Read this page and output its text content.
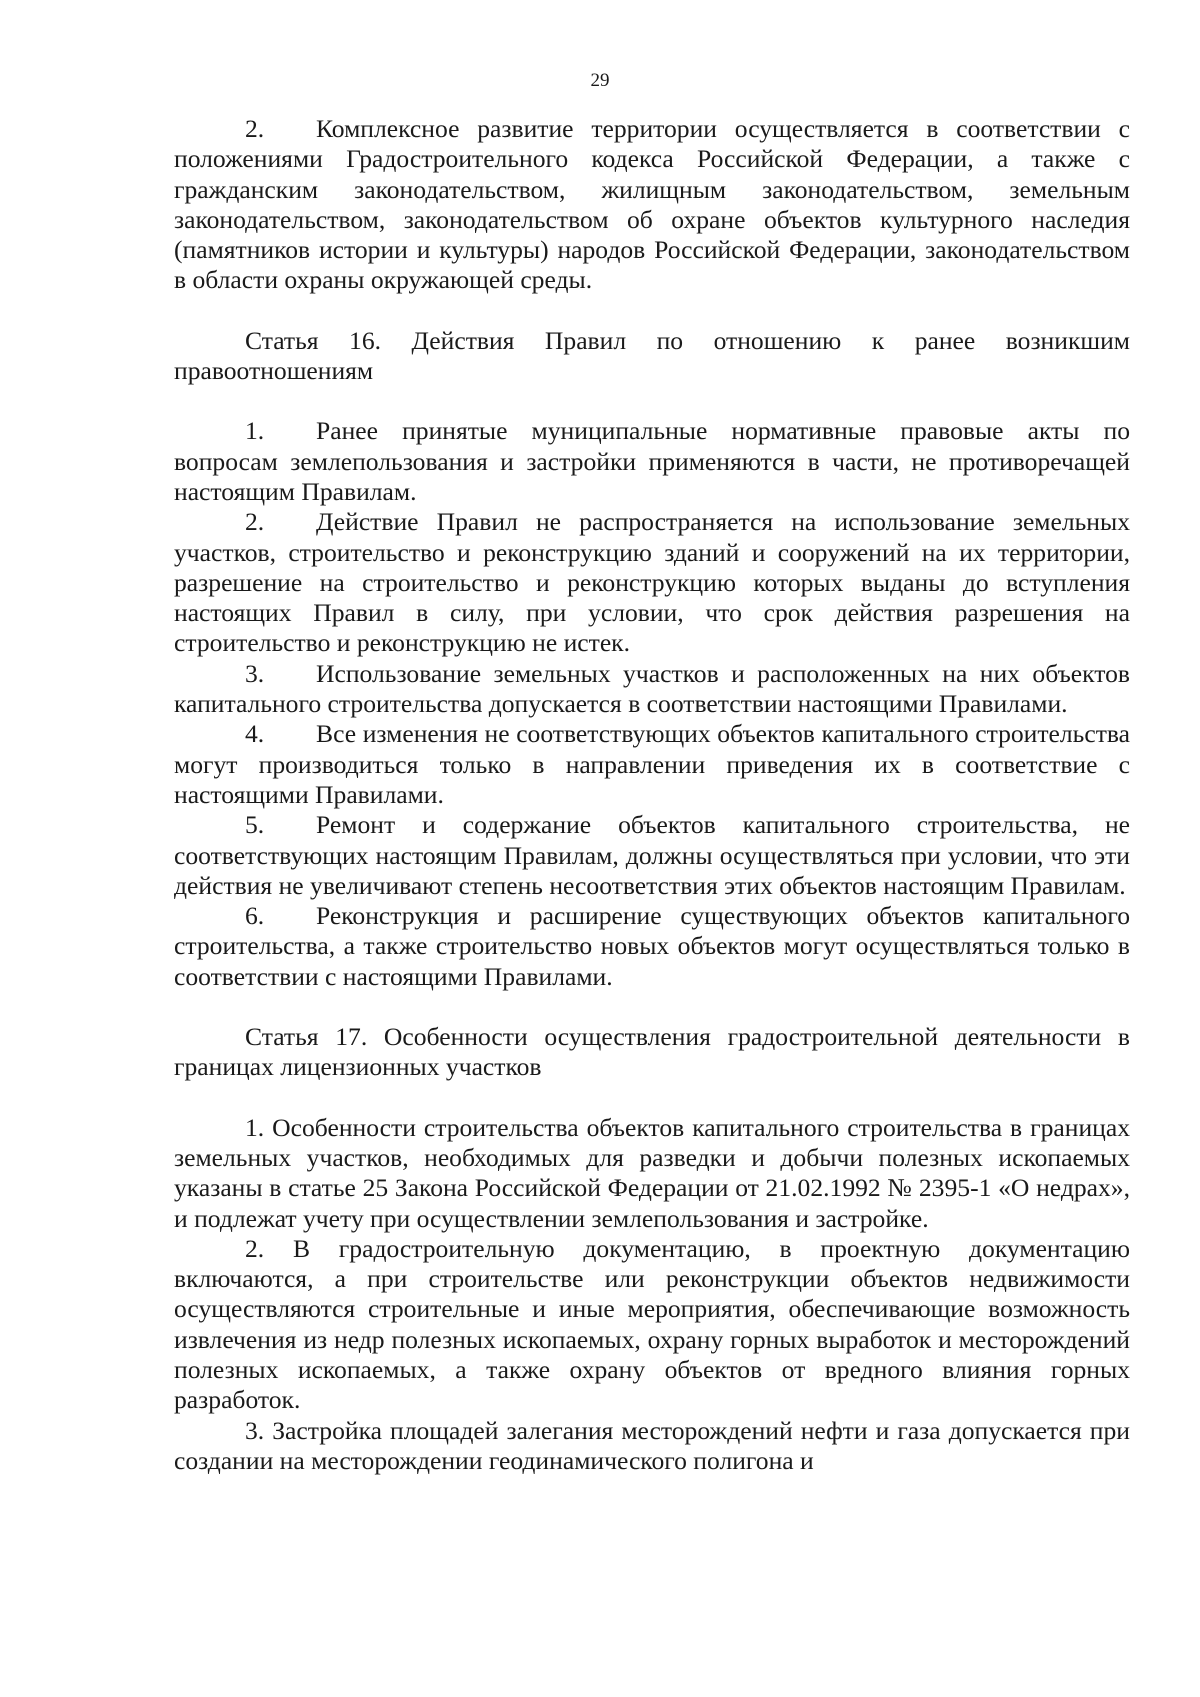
29

2. Комплексное развитие территории осуществляется в соответствии с положениями Градостроительного кодекса Российской Федерации, а также с гражданским законодательством, жилищным законодательством, земельным законодательством, законодательством об охране объектов культурного наследия (памятников истории и культуры) народов Российской Федерации, законодательством в области охраны окружающей среды.

Статья 16. Действия Правил по отношению к ранее возникшим правоотношениям

1. Ранее принятые муниципальные нормативные правовые акты по вопросам землепользования и застройки применяются в части, не противоречащей настоящим Правилам.

2. Действие Правил не распространяется на использование земельных участков, строительство и реконструкцию зданий и сооружений на их территории, разрешение на строительство и реконструкцию которых выданы до вступления настоящих Правил в силу, при условии, что срок действия разрешения на строительство и реконструкцию не истек.

3. Использование земельных участков и расположенных на них объектов капитального строительства допускается в соответствии настоящими Правилами.

4. Все изменения не соответствующих объектов капитального строительства могут производиться только в направлении приведения их в соответствие с настоящими Правилами.

5. Ремонт и содержание объектов капитального строительства, не соответствующих настоящим Правилам, должны осуществляться при условии, что эти действия не увеличивают степень несоответствия этих объектов настоящим Правилам.

6. Реконструкция и расширение существующих объектов капитального строительства, а также строительство новых объектов могут осуществляться только в соответствии с настоящими Правилами.

Статья 17. Особенности осуществления градостроительной деятельности в границах лицензионных участков

1. Особенности строительства объектов капитального строительства в границах земельных участков, необходимых для разведки и добычи полезных ископаемых указаны в статье 25 Закона Российской Федерации от 21.02.1992 № 2395-1 «О недрах», и подлежат учету при осуществлении землепользования и застройке.

2. В градостроительную документацию, в проектную документацию включаются, а при строительстве или реконструкции объектов недвижимости осуществляются строительные и иные мероприятия, обеспечивающие возможность извлечения из недр полезных ископаемых, охрану горных выработок и месторождений полезных ископаемых, а также охрану объектов от вредного влияния горных разработок.

3. Застройка площадей залегания месторождений нефти и газа допускается при создании на месторождении геодинамического полигона и
